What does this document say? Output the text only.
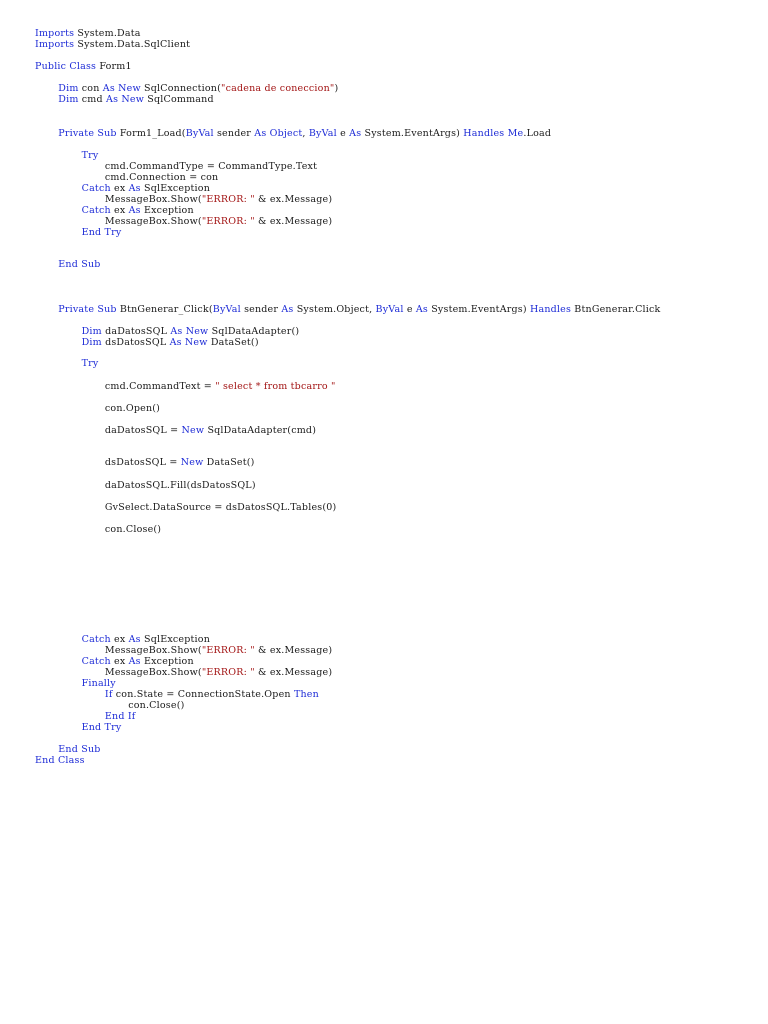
Imports System.Data
Imports System.Data.SqlClient
Public Class Form1
Dim con As New SqlConnection("cadena de coneccion")
Dim cmd As New SqlCommand
Private Sub Form1_Load(ByVal sender As Object, ByVal e As System.EventArgs) Handles Me.Load
Try
cmd.CommandType = CommandType.Text
cmd.Connection = con
Catch ex As SqlException
MessageBox.Show("ERROR: " & ex.Message)
Catch ex As Exception
MessageBox.Show("ERROR: " & ex.Message)
End Try
End Sub
Private Sub BtnGenerar_Click(ByVal sender As System.Object, ByVal e As System.EventArgs) Handles BtnGenerar.Click
Dim daDatosSQL As New SqlDataAdapter()
Dim dsDatosSQL As New DataSet()
Try
cmd.CommandText = " select * from tbcarro "
con.Open()
daDatosSQL = New SqlDataAdapter(cmd)
dsDatosSQL = New DataSet()
daDatosSQL.Fill(dsDatosSQL)
GvSelect.DataSource = dsDatosSQL.Tables(0)
con.Close()
Catch ex As SqlException
MessageBox.Show("ERROR: " & ex.Message)
Catch ex As Exception
MessageBox.Show("ERROR: " & ex.Message)
Finally
If con.State = ConnectionState.Open Then
con.Close()
End If
End Try
End Sub
End Class
